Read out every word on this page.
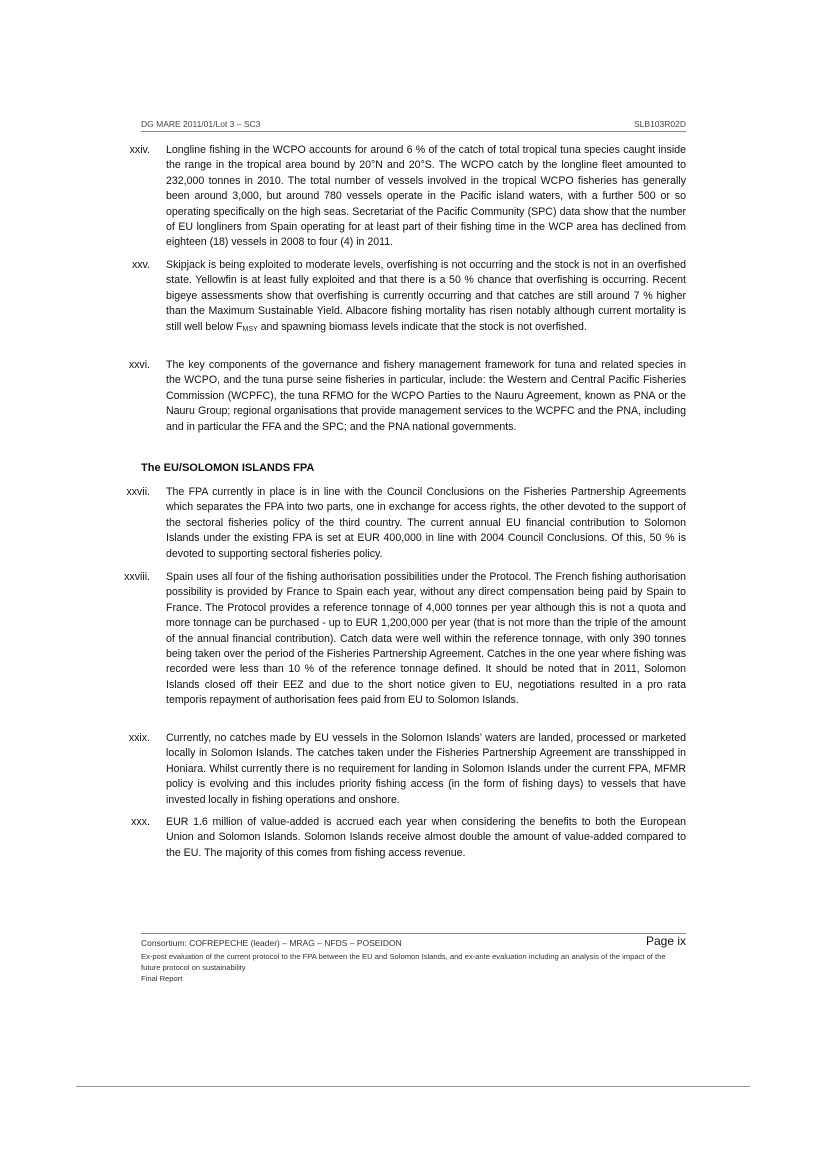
DG MARE 2011/01/Lot 3 – SC3	SLB103R02D
xxiv. Longline fishing in the WCPO accounts for around 6 % of the catch of total tropical tuna species caught inside the range in the tropical area bound by 20°N and 20°S. The WCPO catch by the longline fleet amounted to 232,000 tonnes in 2010. The total number of vessels involved in the tropical WCPO fisheries has generally been around 3,000, but around 780 vessels operate in the Pacific island waters, with a further 500 or so operating specifically on the high seas. Secretariat of the Pacific Community (SPC) data show that the number of EU longliners from Spain operating for at least part of their fishing time in the WCP area has declined from eighteen (18) vessels in 2008 to four (4) in 2011.
xxv. Skipjack is being exploited to moderate levels, overfishing is not occurring and the stock is not in an overfished state. Yellowfin is at least fully exploited and that there is a 50 % chance that overfishing is occurring. Recent bigeye assessments show that overfishing is currently occurring and that catches are still around 7 % higher than the Maximum Sustainable Yield. Albacore fishing mortality has risen notably although current mortality is still well below FMSY and spawning biomass levels indicate that the stock is not overfished.
xxvi. The key components of the governance and fishery management framework for tuna and related species in the WCPO, and the tuna purse seine fisheries in particular, include: the Western and Central Pacific Fisheries Commission (WCPFC), the tuna RFMO for the WCPO Parties to the Nauru Agreement, known as PNA or the Nauru Group; regional organisations that provide management services to the WCPFC and the PNA, including and in particular the FFA and the SPC; and the PNA national governments.
The EU/SOLOMON ISLANDS FPA
xxvii. The FPA currently in place is in line with the Council Conclusions on the Fisheries Partnership Agreements which separates the FPA into two parts, one in exchange for access rights, the other devoted to the support of the sectoral fisheries policy of the third country. The current annual EU financial contribution to Solomon Islands under the existing FPA is set at EUR 400,000 in line with 2004 Council Conclusions. Of this, 50 % is devoted to supporting sectoral fisheries policy.
xxviii. Spain uses all four of the fishing authorisation possibilities under the Protocol. The French fishing authorisation possibility is provided by France to Spain each year, without any direct compensation being paid by Spain to France. The Protocol provides a reference tonnage of 4,000 tonnes per year although this is not a quota and more tonnage can be purchased - up to EUR 1,200,000 per year (that is not more than the triple of the amount of the annual financial contribution). Catch data were well within the reference tonnage, with only 390 tonnes being taken over the period of the Fisheries Partnership Agreement. Catches in the one year where fishing was recorded were less than 10 % of the reference tonnage defined. It should be noted that in 2011, Solomon Islands closed off their EEZ and due to the short notice given to EU, negotiations resulted in a pro rata temporis repayment of authorisation fees paid from EU to Solomon Islands.
xxix. Currently, no catches made by EU vessels in the Solomon Islands’ waters are landed, processed or marketed locally in Solomon Islands. The catches taken under the Fisheries Partnership Agreement are transshipped in Honiara. Whilst currently there is no requirement for landing in Solomon Islands under the current FPA, MFMR policy is evolving and this includes priority fishing access (in the form of fishing days) to vessels that have invested locally in fishing operations and onshore.
xxx. EUR 1.6 million of value-added is accrued each year when considering the benefits to both the European Union and Solomon Islands. Solomon Islands receive almost double the amount of value-added compared to the EU. The majority of this comes from fishing access revenue.
Consortium: COFREPECHE (leader) – MRAG – NFDS – POSEIDON	Page ix
Ex-post evaluation of the current protocol to the FPA between the EU and Solomon Islands, and ex-ante evaluation including an analysis of the impact of the future protocol on sustainability
Final Report
